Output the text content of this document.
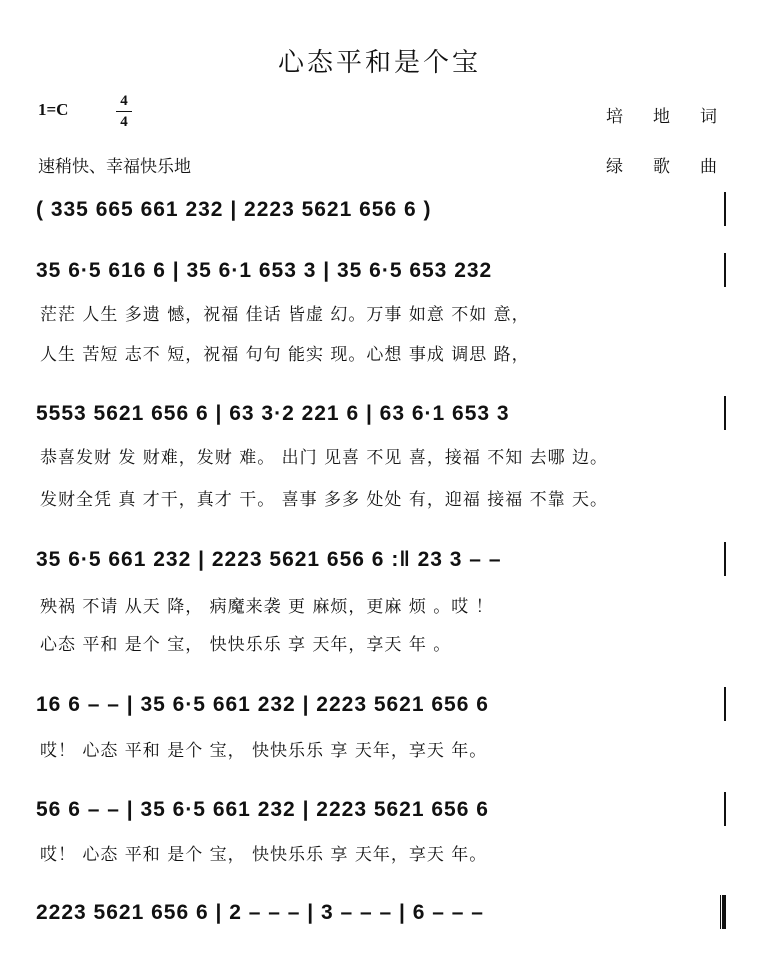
心态平和是个宝
1=C	4
4	培地词
绿歌曲
速稍快、幸福快乐地
( 335 665 661 232 | 2223 5621 656 6 )
35 6·5 616 6 | 35 6·1 653 3 | 35 6·5 653 232
茫茫 人生 多遗 憾，祝福 佳话 皆虚 幻。万事 如意 不如 意，
人生 苦短 志不 短，祝福 句句 能实 现。心想 事成 调思 路，
5553 5621 656 6 | 63 3·2 221 6 | 63 6·1 653 3
恭喜发财 发 财难，发财 难。 出门 见喜 不见 喜，接福 不知 去哪 边。
发财全凭 真 才干，真才 干。 喜事 多多 处处 有，迎福 接福 不靠 天。
35 6·5 661 232 | 2223 5621 656 6 :‖ 23 3 – –
殃祸 不请 从天 降， 病魔来袭 更 麻烦，更麻 烦 。哎 ！
心态 平和 是个 宝， 快快乐乐 享 天年，享天 年 。
16 6 – – | 35 6·5 661 232 | 2223 5621 656 6
哎！ 心态 平和 是个 宝， 快快乐乐 享 天年，享天 年。
56 6 – – | 35 6·5 661 232 | 2223 5621 656 6
哎！ 心态 平和 是个 宝， 快快乐乐 享 天年，享天 年。
2223 5621 656 6 | 2 – – – | 3 – – – | 6 – – –
